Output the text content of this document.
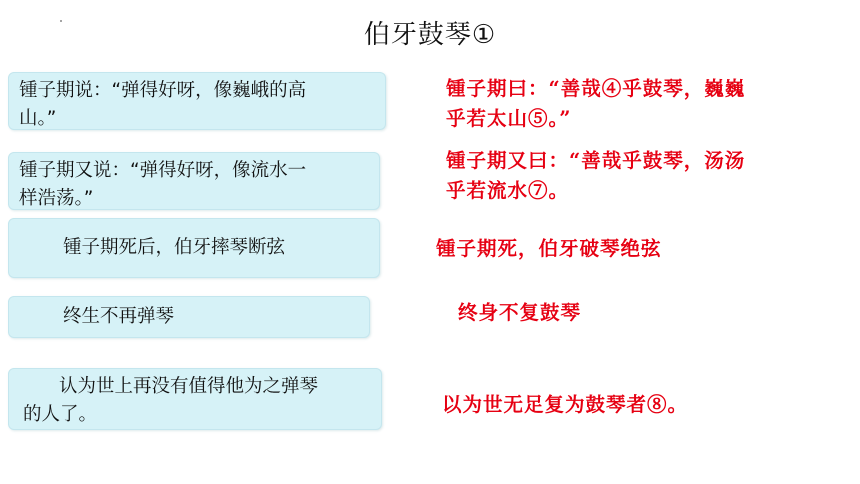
伯牙鼓琴①
锺子期说：“弹得好呀，像巍峨的高
山。”
锺子期曰：“善哉④乎鼓琴，巍巍
乎若太山⑤。”
锺子期又说：“弹得好呀，像流水一
样浩荡。”
锺子期又曰：“善哉乎鼓琴，汤汤
乎若流水⑦。
锺子期死后，伯牙摔琴断弦	锺子期死，伯牙破琴绝弦
终生不再弹琴	终身不复鼓琴
认为世上再没有值得他为之弹琴
的人了。	以为世无足复为鼓琴者⑧。
